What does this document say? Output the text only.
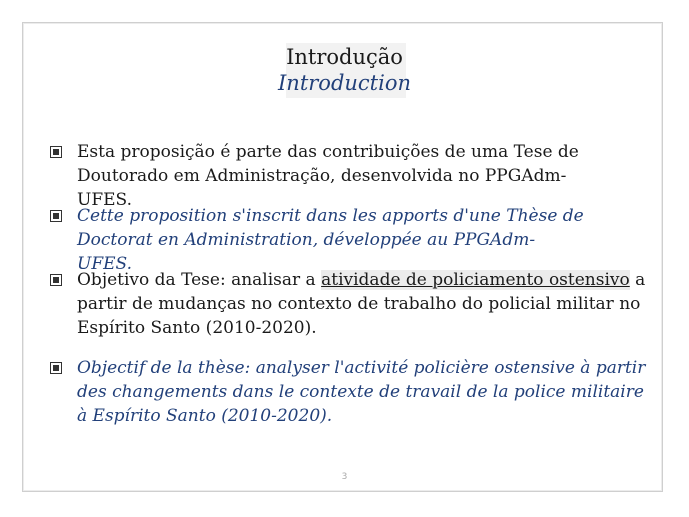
Introdução
Introduction
Esta proposição é parte das contribuições de uma Tese de Doutorado em Administração, desenvolvida no PPGAdm-UFES.
Cette proposition s'inscrit dans les apports d'une Thèse de Doctorat en Administration, développée au PPGAdm-UFES.
Objetivo da Tese: analisar a atividade de policiamento ostensivo a partir de mudanças no contexto de trabalho do policial militar no Espírito Santo (2010-2020).
Objectif de la thèse: analyser l'activité policière ostensive à partir des changements dans le contexte de travail de la police militaire à Espírito Santo (2010-2020).
3
